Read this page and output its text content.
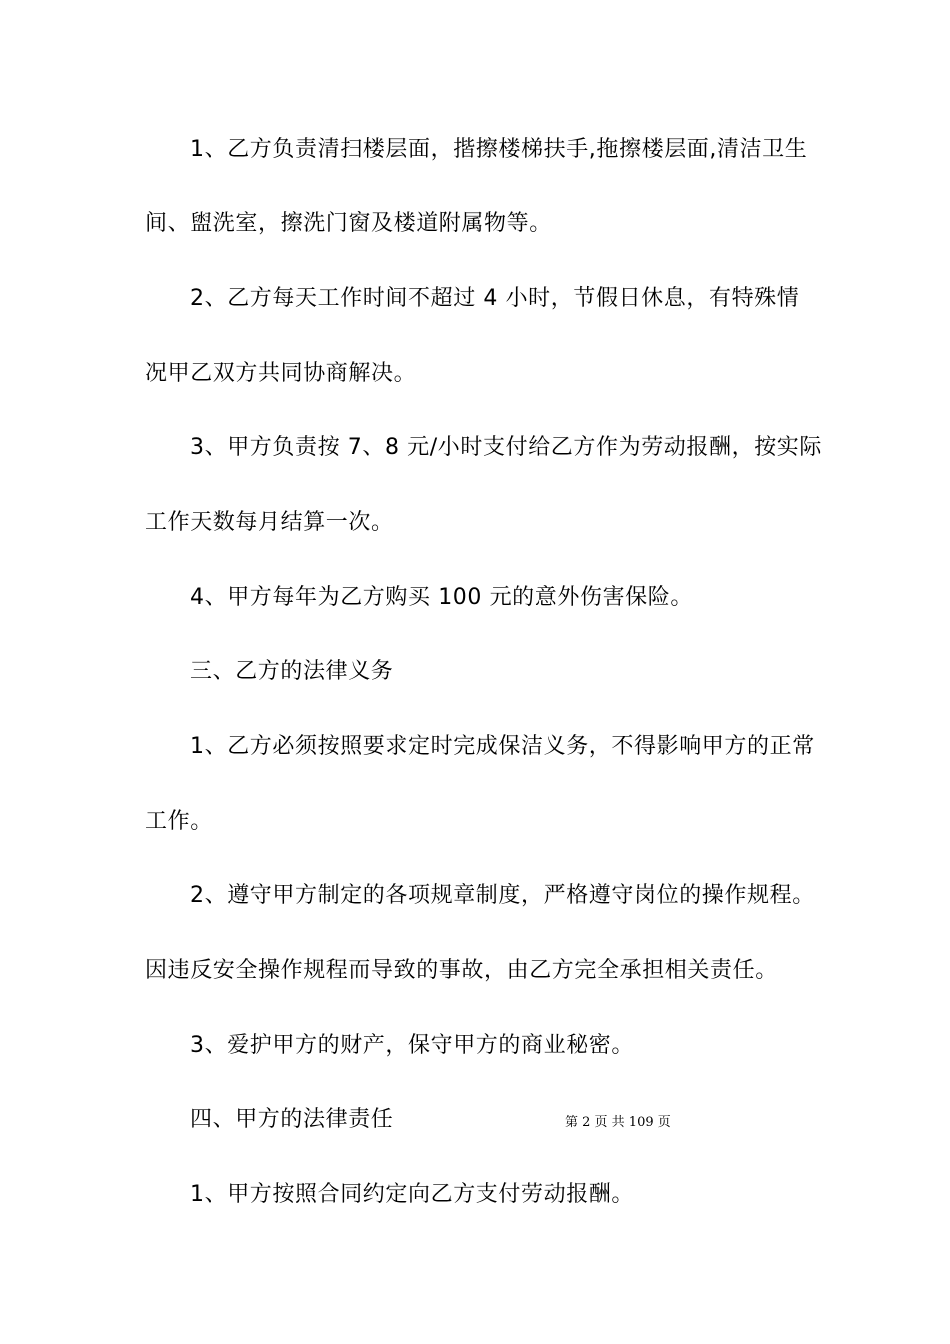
1、乙方负责清扫楼层面，揩擦楼梯扶手,拖擦楼层面,清洁卫生
间、盥洗室，擦洗门窗及楼道附属物等。
2、乙方每天工作时间不超过 4 小时，节假日休息，有特殊情
况甲乙双方共同协商解决。
3、甲方负责按 7、8 元/小时支付给乙方作为劳动报酬，按实际
工作天数每月结算一次。
4、甲方每年为乙方购买 100 元的意外伤害保险。
三、乙方的法律义务
1、乙方必须按照要求定时完成保洁义务，不得影响甲方的正常
工作。
2、遵守甲方制定的各项规章制度，严格遵守岗位的操作规程。
因违反安全操作规程而导致的事故，由乙方完全承担相关责任。
3、爱护甲方的财产，保守甲方的商业秘密。
四、甲方的法律责任
1、甲方按照合同约定向乙方支付劳动报酬。
第 2 页 共 109 页
